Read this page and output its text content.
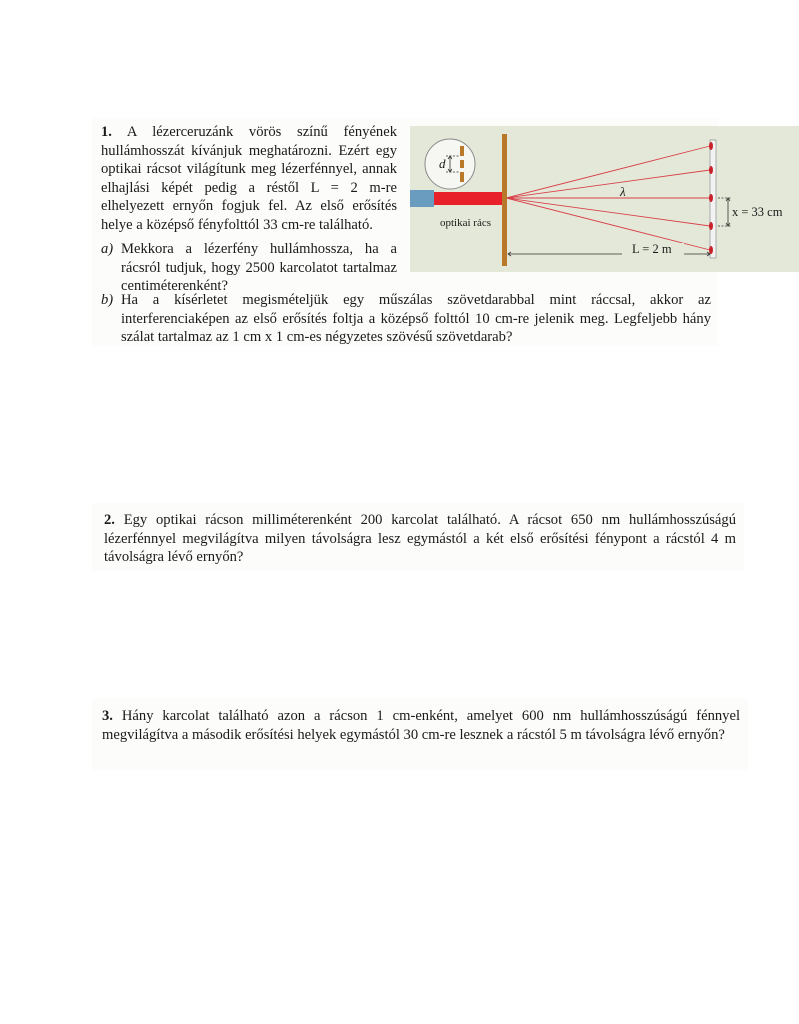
1. A lézerceruzánk vörös színű fényének hullámhosszát kívánjuk meghatározni. Ezért egy optikai rácsot világítunk meg lézerfénnyel, annak elhajlási képét pedig a réstől L = 2 m-re elhelyezett ernyőn fogjuk fel. Az első erősítés helye a középső fényfolttól 33 cm-re található.

a) Mekkora a lézerfény hullámhossza, ha a rácsról tudjuk, hogy 2500 karcolatot tartalmaz centiméterenként?
b) Ha a kísérletet megismételjük egy műszálas szövetdarabbal mint ráccsal, akkor az interferenciaképen az első erősítés foltja a középső folttól 10 cm-re jelenik meg. Legfeljebb hány szálat tartalmaz az 1 cm x 1 cm-es négyzetes szövésű szövetdarab?
d
λ
x = 33 cm
L = 2 m
optikai rács

2. Egy optikai rácson milliméterenként 200 karcolat található. A rácsot 650 nm hullámhosszúságú lézerfénnyel megvilágítva milyen távolságra lesz egymástól a két első erősítési fénypont a rácstól 4 m távolságra lévő ernyőn?

3. Hány karcolat található azon a rácson 1 cm-enként, amelyet 600 nm hullámhosszúságú fénnyel megvilágítva a második erősítési helyek egymástól 30 cm-re lesznek a rácstól 5 m távolságra lévő ernyőn?
